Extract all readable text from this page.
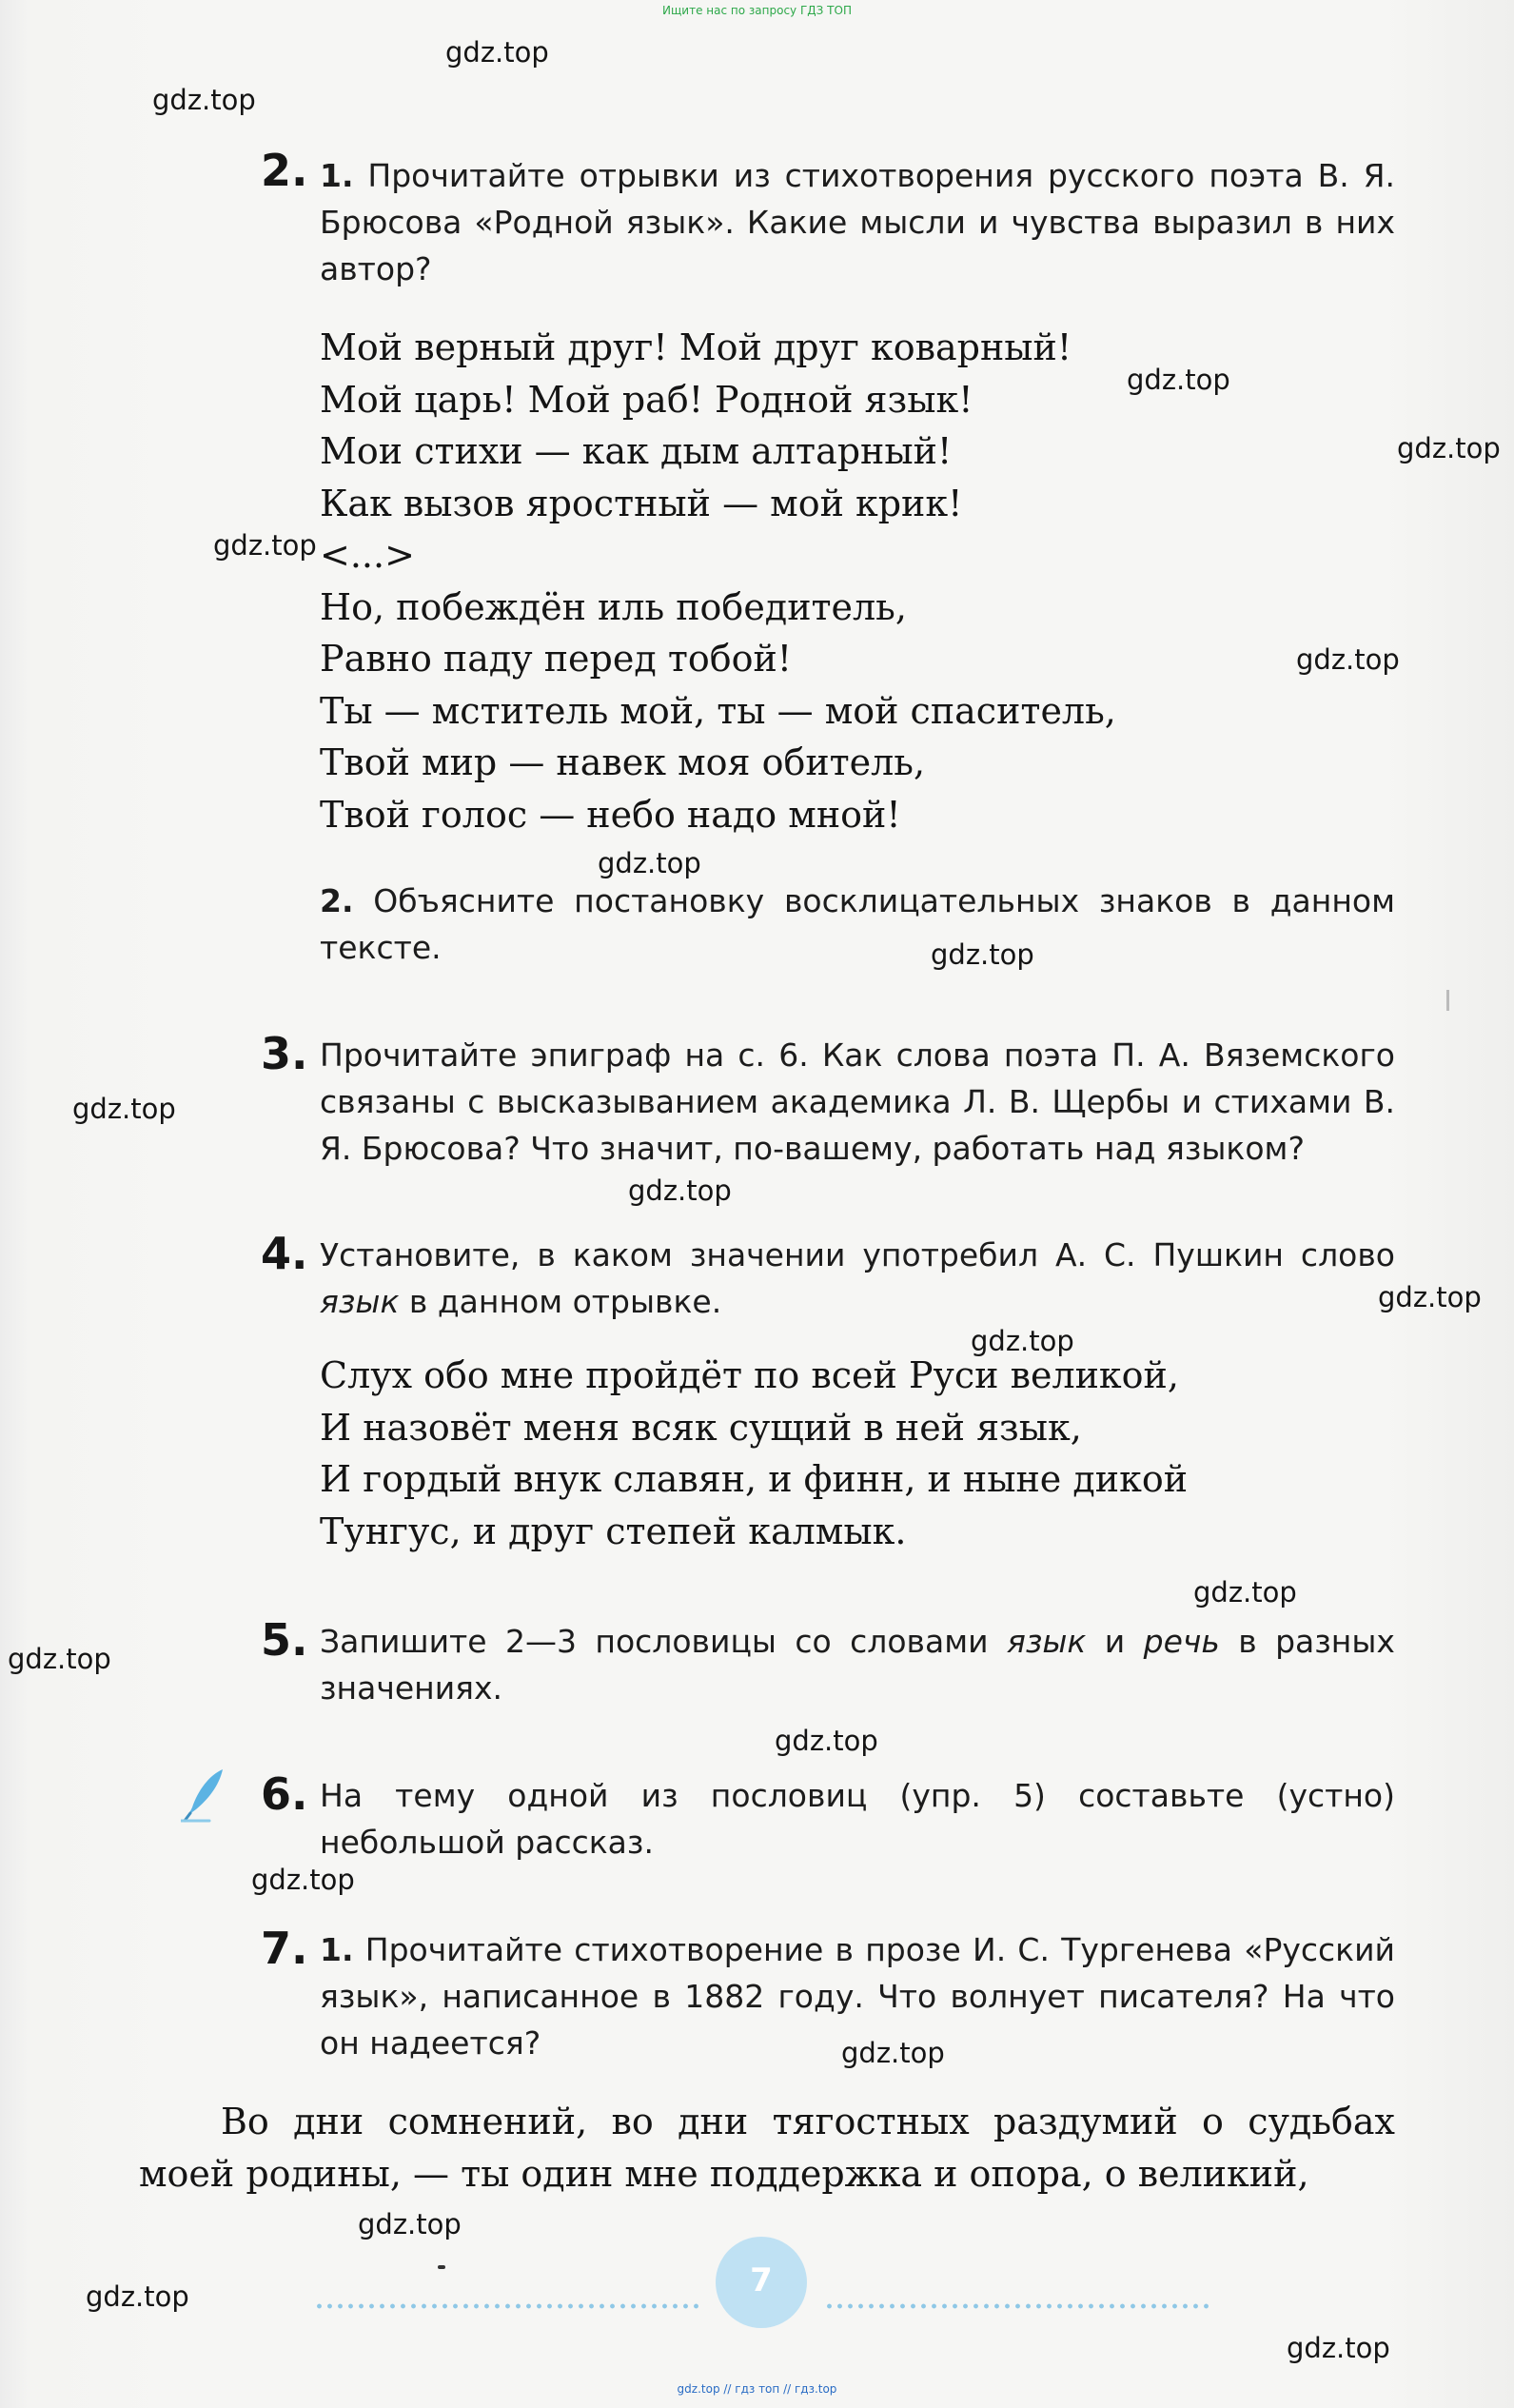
Ищите нас по запросу ГДЗ ТОП
gdz.top
gdz.top
gdz.top
gdz.top
gdz.top
gdz.top
gdz.top
gdz.top
gdz.top
gdz.top
gdz.top
gdz.top
gdz.top
gdz.top
gdz.top
gdz.top
gdz.top
gdz.top
gdz.top
gdz.top
2. 1. Прочитайте отрывки из стихотворения русского поэта В. Я. Брюсова «Родной язык». Какие мысли и чувства выразил в них автор?
Мой верный друг! Мой друг коварный!
Мой царь! Мой раб! Родной язык!
Мои стихи — как дым алтарный!
Как вызов яростный — мой крик!
<...>
Но, побеждён иль победитель,
Равно паду перед тобой!
Ты — мститель мой, ты — мой спаситель,
Твой мир — навек моя обитель,
Твой голос — небо надо мной!
2. Объясните постановку восклицательных знаков в данном тексте.
3. Прочитайте эпиграф на с. 6. Как слова поэта П. А. Вяземского связаны с высказыванием академика Л. В. Щербы и стихами В. Я. Брюсова? Что значит, по-вашему, работать над языком?
4. Установите, в каком значении употребил А. С. Пушкин слово язык в данном отрывке.
Слух обо мне пройдёт по всей Руси великой,
И назовёт меня всяк сущий в ней язык,
И гордый внук славян, и финн, и ныне дикой
Тунгус, и друг степей калмык.
5. Запишите 2—3 пословицы со словами язык и речь в разных значениях.
6. На тему одной из пословиц (упр. 5) составьте (устно) небольшой рассказ.
7. 1. Прочитайте стихотворение в прозе И. С. Тургенева «Русский язык», написанное в 1882 году. Что волнует писателя? На что он надеется?
Во дни сомнений, во дни тягостных раздумий о судьбах моей родины, — ты один мне поддержка и опора, о великий,
7
gdz.top // гдз топ // гдз.top
